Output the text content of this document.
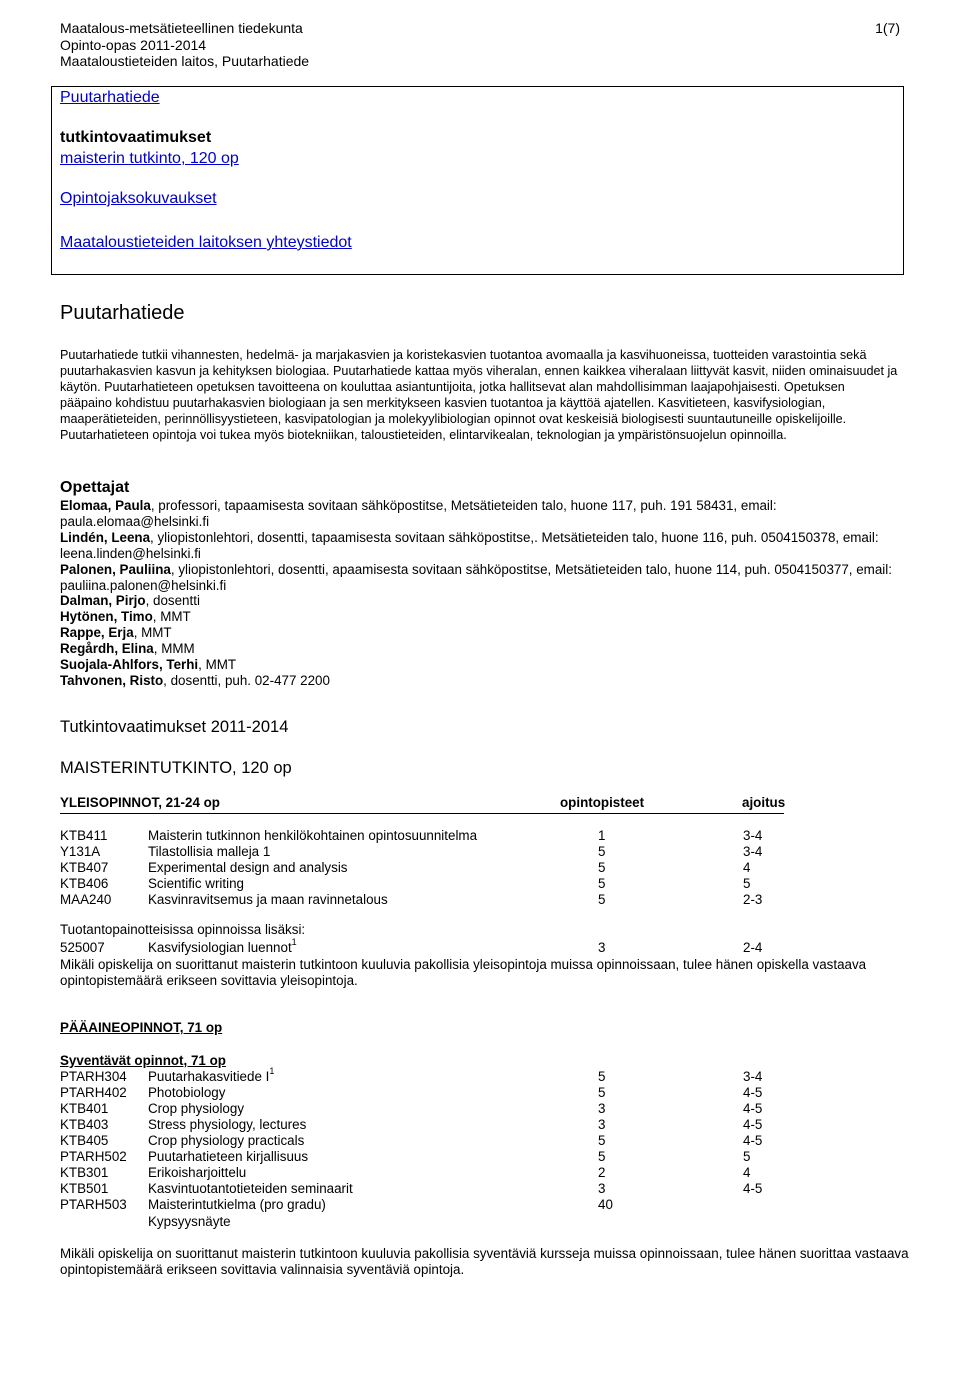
Maatalous-metsätieteellinen tiedekunta
Opinto-opas 2011-2014
Maataloustieteiden laitos, Puutarhatiede
1(7)
Puutarhatiede
tutkintovaatimukset
maisterin tutkinto, 120 op
Opintojaksokuvaukset
Maataloustieteiden laitoksen yhteystiedot
Puutarhatiede
Puutarhatiede tutkii vihannesten, hedelmä- ja marjakasvien ja koristekasvien tuotantoa avomaalla ja kasvihuoneissa, tuotteiden varastointia sekä puutarhakasvien kasvun ja kehityksen biologiaa. Puutarhatiede kattaa myös viheralan, ennen kaikkea viheralaan liittyvät kasvit, niiden ominaisuudet ja käytön. Puutarhatieteen opetuksen tavoitteena on kouluttaa asiantuntijoita, jotka hallitsevat alan mahdollisimman laajapohjaisesti. Opetuksen pääpaino kohdistuu puutarhakasvien biologiaan ja sen merkitykseen kasvien tuotantoa ja käyttöä ajatellen. Kasvitieteen, kasvifysiologian, maaperätieteiden, perinnöllisyystieteen, kasvipatologian ja molekyylibiologian opinnot ovat keskeisiä biologisesti suuntautuneille opiskelijoille. Puutarhatieteen opintoja voi tukea myös biotekniikan, taloustieteiden, elintarvikealan, teknologian ja ympäristönsuojelun opinnoilla.
Opettajat
Elomaa, Paula, professori, tapaamisesta sovitaan sähköpostitse, Metsätieteiden talo, huone 117, puh. 191 58431, email: paula.elomaa@helsinki.fi
Lindén, Leena, yliopistonlehtori, dosentti, tapaamisesta sovitaan sähköpostitse,. Metsätieteiden talo, huone 116, puh. 0504150378, email: leena.linden@helsinki.fi
Palonen, Pauliina, yliopistonlehtori, dosentti, apaamisesta sovitaan sähköpostitse, Metsätieteiden talo, huone 114, puh. 0504150377, email: pauliina.palonen@helsinki.fi
Dalman, Pirjo, dosentti
Hytönen, Timo, MMT
Rappe, Erja, MMT
Regårdh, Elina, MMM
Suojala-Ahlfors, Terhi, MMT
Tahvonen, Risto, dosentti, puh. 02-477 2200
Tutkintovaatimukset 2011-2014
MAISTERINTUTKINTO, 120 op
YLEISOPINNOT, 21-24 op	opintopisteet	ajoitus
KTB411	Maisterin tutkinnon henkilökohtainen opintosuunnitelma	1	3-4
Y131A	Tilastollisia malleja 1	5	3-4
KTB407	Experimental design and analysis	5	4
KTB406	Scientific writing	5	5
MAA240	Kasvinravitsemus ja maan ravinnetalous	5	2-3
Tuotantopainotteisissa opinnoissa lisäksi:
525007	Kasvifysiologian luennot$^1$	3	2-4
Mikäli opiskelija on suorittanut maisterin tutkintoon kuuluvia pakollisia yleisopintoja muissa opinnoissaan, tulee hänen opiskella vastaava opintopistemäärä erikseen sovittavia yleisopintoja.
PÄÄAINEOPINNOT, 71 op
Syventävät opinnot, 71 op
PTARH304 Puutarhakasvitiede $I^1$	5	3-4
PTARH402 Photobiology	5	4-5
KTB401	Crop physiology	3	4-5
KTB403	Stress physiology, lectures	3	4-5
KTB405	Crop physiology practicals	5	4-5
PTARH502 Puutarhatieteen kirjallisuus	5	5
KTB301	Erikoisharjoittelu	2	4
KTB501	Kasvintuotantotieteiden seminaarit	3	4-5
PTARH503 Maisterintutkielma (pro gradu)	40
Kypsyysnäyte
Mikäli opiskelija on suorittanut maisterin tutkintoon kuuluvia pakollisia syventäviä kursseja muissa opinnoissaan, tulee hänen suorittaa vastaava opintopistemäärä erikseen sovittavia valinnaisia syventäviä opintoja.
